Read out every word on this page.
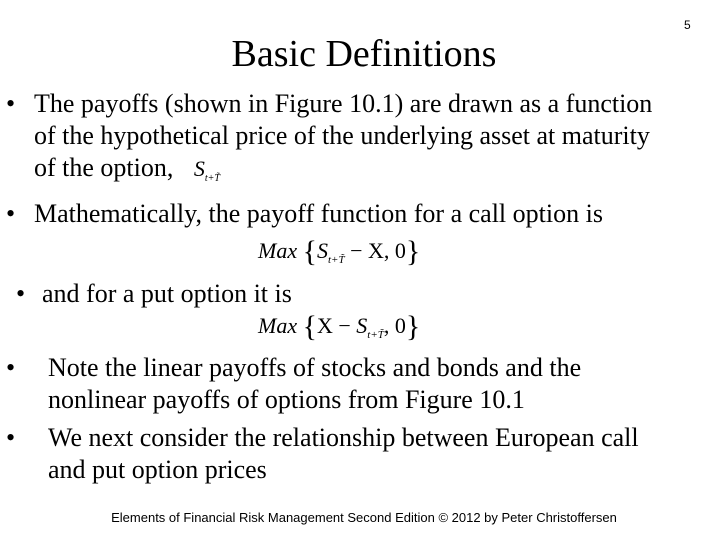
5
Basic Definitions
• The payoffs (shown in Figure 10.1) are drawn as a function
of the hypothetical price of the underlying asset at maturity
of the option, $S_{t+T̃}$
• Mathematically, the payoff function for a call option is
Max {$S_{t+T̃} - X$, 0}
• and for a put option it is
Max {$X - S_{t+T̃}$, 0}
•	Note the linear payoffs of stocks and bonds and the
nonlinear payoffs of options from Figure 10.1
•	We next consider the relationship between European call
and put option prices
Elements of Financial Risk Management Second Edition © 2012 by Peter Christoffersen
